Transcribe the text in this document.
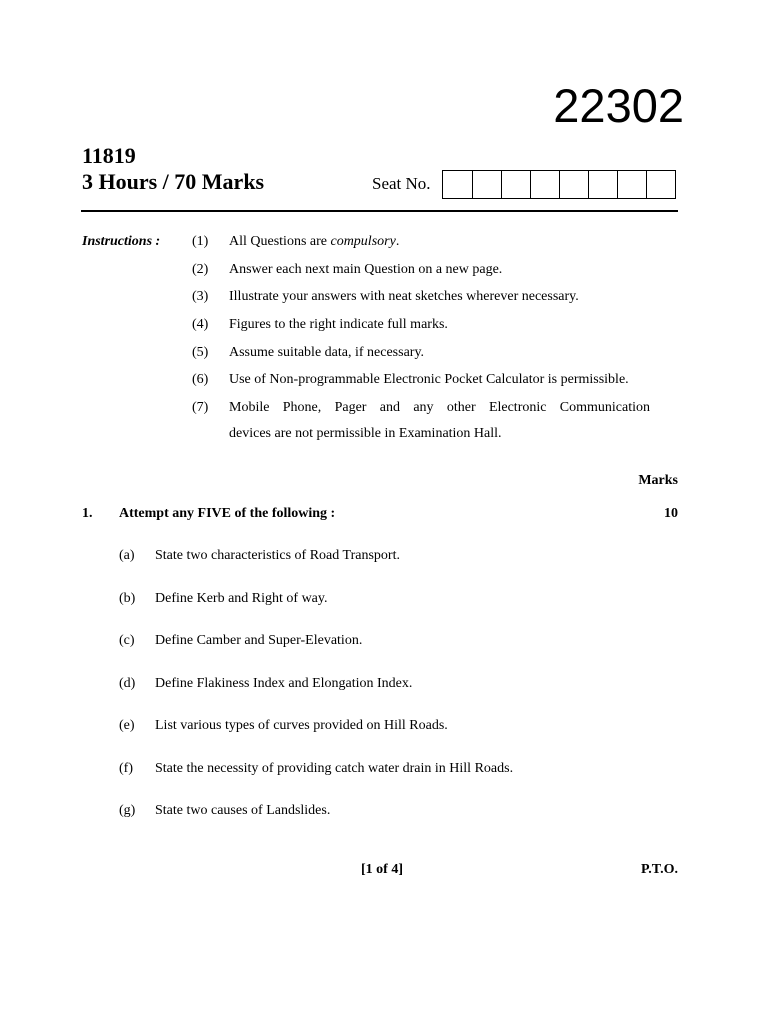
22302
11819
3 Hours / 70 Marks	Seat No.
Instructions : (1) All Questions are compulsory.
(2) Answer each next main Question on a new page.
(3) Illustrate your answers with neat sketches wherever necessary.
(4) Figures to the right indicate full marks.
(5) Assume suitable data, if necessary.
(6) Use of Non-programmable Electronic Pocket Calculator is permissible.
(7) Mobile Phone, Pager and any other Electronic Communication
devices are not permissible in Examination Hall.
Marks
1. Attempt any FIVE of the following :	10
(a) State two characteristics of Road Transport.
(b) Define Kerb and Right of way.
(c) Define Camber and Super-Elevation.
(d) Define Flakiness Index and Elongation Index.
(e) List various types of curves provided on Hill Roads.
(f) State the necessity of providing catch water drain in Hill Roads.
(g) State two causes of Landslides.
[1 of 4]	P.T.O.
